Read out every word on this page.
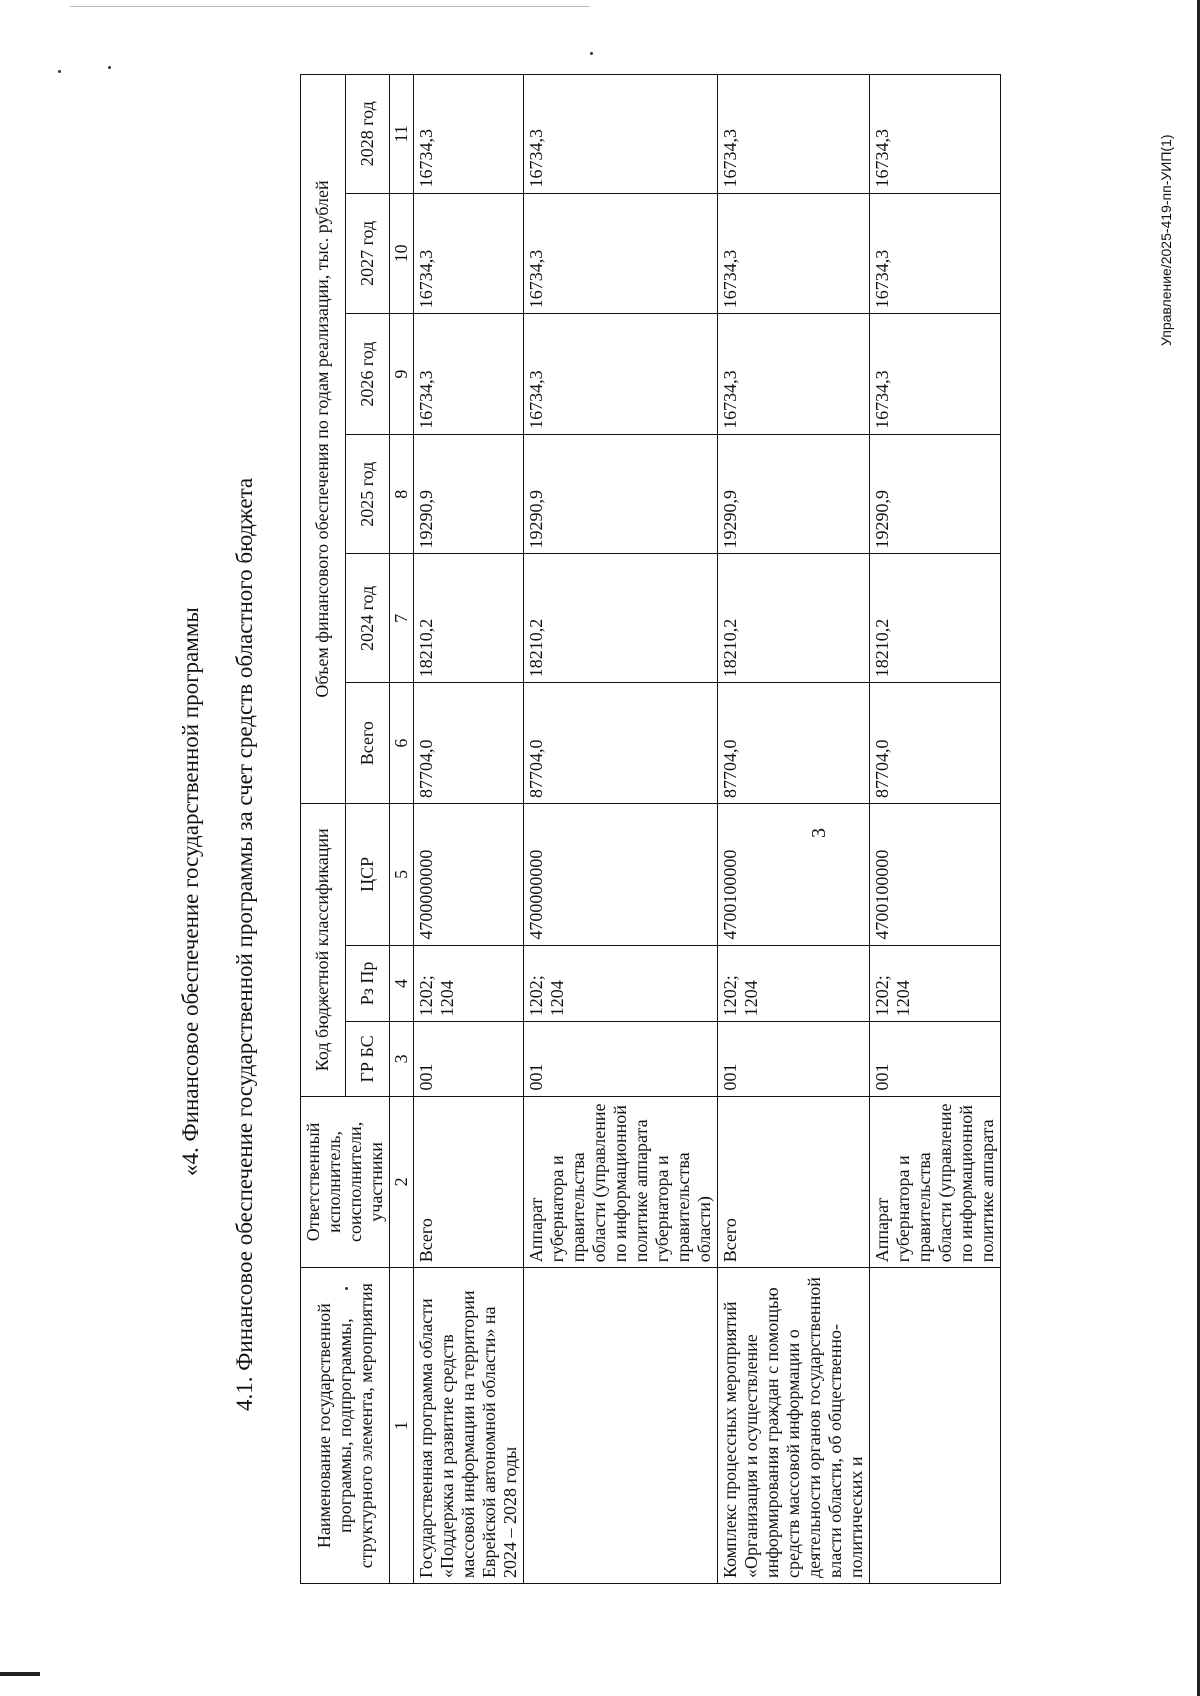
3
«4. Финансовое обеспечение государственной программы 4.1. Финансовое обеспечение государственной программы за счет средств областного бюджета
Управление/2025-419-пп-УИП(1)
Наименование государственной программы, подпрограммы, структурного элемента, мероприятия	Ответственный исполнитель, соисполнители, участники	Код бюджетной классификации			Объем финансового обеспечения по годам реализации, тыс. рублей					
		ГР БС	Рз Пр	ЦСР	Всего	2024 год	2025 год	2026 год	2027 год	2028 год
1	2	3	4	5	6	7	8	9	10	11
Государственная программа области «Поддержка и развитие средств массовой информации на территории Еврейской автономной области» на 2024 – 2028 годы	Всего	001	1202; 1204	4700000000	87704,0	18210,2	19290,9	16734,3	16734,3	16734,3
	Аппарат губернатора и правительства области (управление по информационной политике аппарата губернатора и правительства области)	001	1202; 1204	4700000000	87704,0	18210,2	19290,9	16734,3	16734,3	16734,3
Комплекс процессных мероприятий «Организация и осуществление информирования граждан с помощью средств массовой информации о деятельности органов государственной власти области, об общественно-политических и	Всего	001	1202; 1204	4700100000	87704,0	18210,2	19290,9	16734,3	16734,3	16734,3
	Аппарат губернатора и правительства области (управление по информационной политике аппарата	001	1202; 1204	4700100000	87704,0	18210,2	19290,9	16734,3	16734,3	16734,3
